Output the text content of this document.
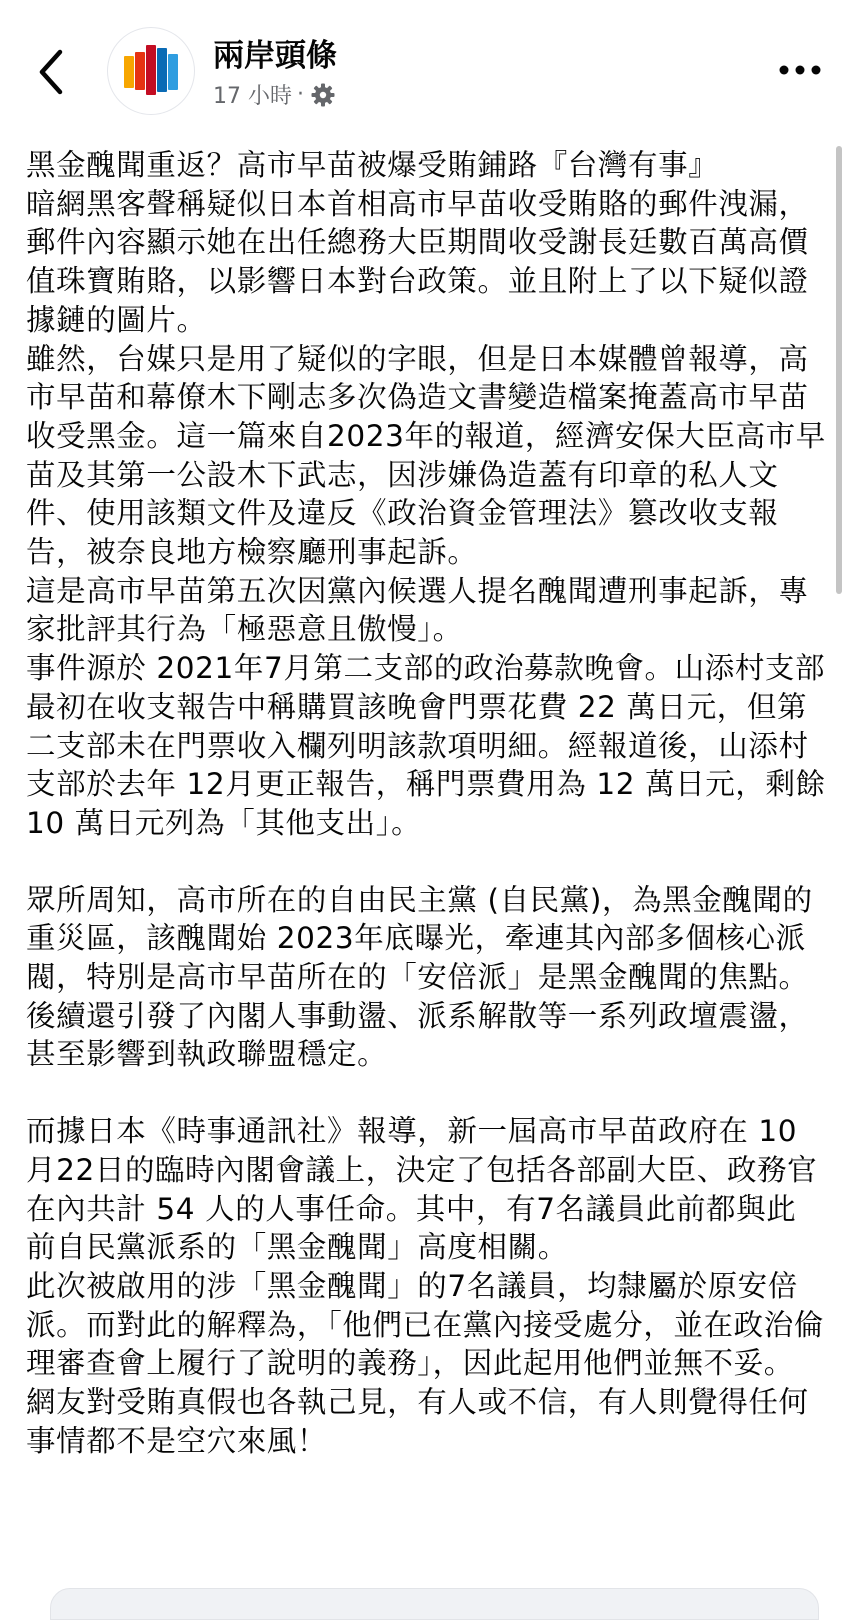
兩岸頭條
17 小時 ·

黑金醜聞重返？高市早苗被爆受賄鋪路『台灣有事』

暗網黑客聲稱疑似日本首相高市早苗收受賄賂的郵件洩漏，郵件內容顯示她在出任總務大臣期間收受謝長廷數百萬高價值珠寶賄賂，以影響日本對台政策。並且附上了以下疑似證據鏈的圖片。

雖然，台媒只是用了疑似的字眼，但是日本媒體曾報導，高市早苗和幕僚木下剛志多次偽造文書變造檔案掩蓋高市早苗收受黑金。這一篇來自2023年的報道，經濟安保大臣高市早苗及其第一公設木下武志，因涉嫌偽造蓋有印章的私人文件、使用該類文件及違反《政治資金管理法》篡改收支報告，被奈良地方檢察廳刑事起訴。

這是高市早苗第五次因黨內候選人提名醜聞遭刑事起訴，專家批評其行為「極惡意且傲慢」。

事件源於 2021年7月第二支部的政治募款晚會。山添村支部最初在收支報告中稱購買該晚會門票花費 22 萬日元，但第二支部未在門票收入欄列明該款項明細。經報道後，山添村支部於去年 12月更正報告，稱門票費用為 12 萬日元，剩餘 10 萬日元列為「其他支出」。

眾所周知，高市所在的自由民主黨 (自民黨)，為黑金醜聞的重災區，該醜聞始 2023年底曝光，牽連其內部多個核心派閥，特別是高市早苗所在的「安倍派」是黑金醜聞的焦點。後續還引發了內閣人事動盪、派系解散等一系列政壇震盪，甚至影響到執政聯盟穩定。

而據日本《時事通訊社》報導，新一屆高市早苗政府在 10月22日的臨時內閣會議上，決定了包括各部副大臣、政務官在內共計 54 人的人事任命。其中，有7名議員此前都與此前自民黨派系的「黑金醜聞」高度相關。

此次被啟用的涉「黑金醜聞」的7名議員，均隸屬於原安倍派。而對此的解釋為，「他們已在黨內接受處分，並在政治倫理審查會上履行了說明的義務」，因此起用他們並無不妥。

網友對受賄真假也各執己見，有人或不信，有人則覺得任何事情都不是空穴來風！
